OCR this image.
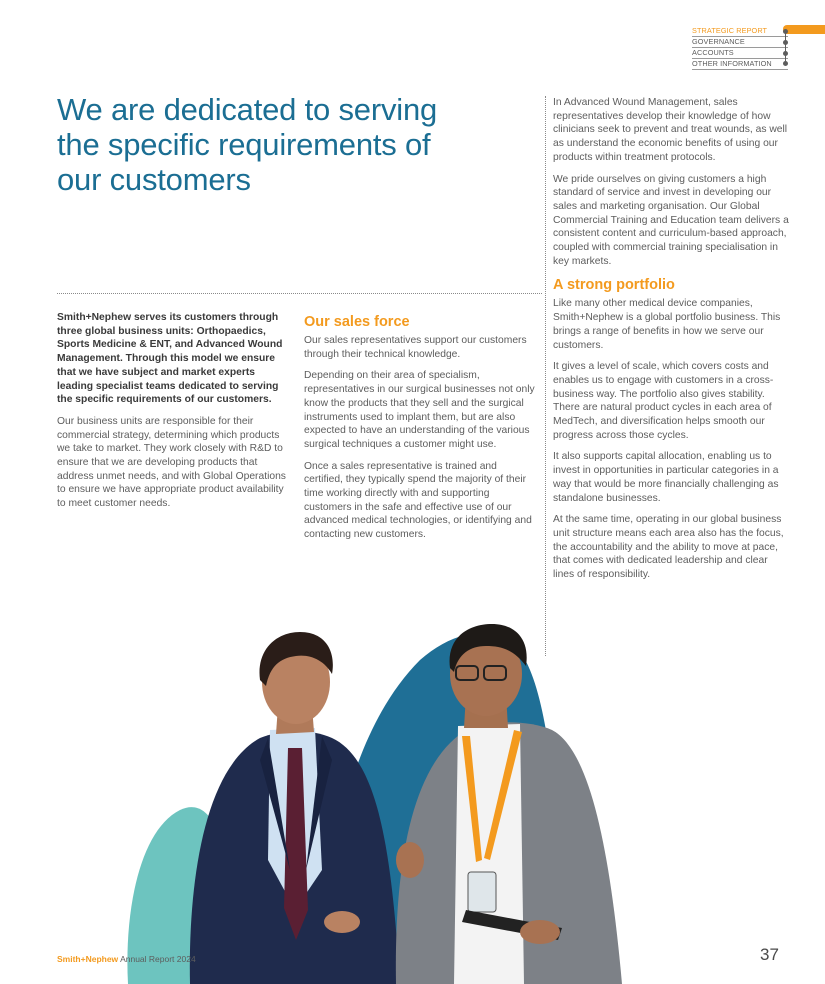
STRATEGIC REPORT
GOVERNANCE
ACCOUNTS
OTHER INFORMATION
We are dedicated to serving the specific requirements of our customers

Smith+Nephew serves its customers through three global business units: Orthopaedics, Sports Medicine & ENT, and Advanced Wound Management. Through this model we ensure that we have subject and market experts leading specialist teams dedicated to serving the specific requirements of our customers.

Our business units are responsible for their commercial strategy, determining which products we take to market. They work closely with R&D to ensure that we are developing products that address unmet needs, and with Global Operations to ensure we have appropriate product availability to meet customer needs.

Our sales force

Our sales representatives support our customers through their technical knowledge.

Depending on their area of specialism, representatives in our surgical businesses not only know the products that they sell and the surgical instruments used to implant them, but are also expected to have an understanding of the various surgical techniques a customer might use.

Once a sales representative is trained and certified, they typically spend the majority of their time working directly with and supporting customers in the safe and effective use of our advanced medical technologies, or identifying and contacting new customers.

In Advanced Wound Management, sales representatives develop their knowledge of how clinicians seek to prevent and treat wounds, as well as understand the economic benefits of using our products within treatment protocols.

We pride ourselves on giving customers a high standard of service and invest in developing our sales and marketing organisation. Our Global Commercial Training and Education team delivers a consistent content and curriculum-based approach, coupled with commercial training specialisation in key markets.

A strong portfolio

Like many other medical device companies, Smith+Nephew is a global portfolio business. This brings a range of benefits in how we serve our customers.

It gives a level of scale, which covers costs and enables us to engage with customers in a cross-business way. The portfolio also gives stability. There are natural product cycles in each area of MedTech, and diversification helps smooth our progress across those cycles.

It also supports capital allocation, enabling us to invest in opportunities in particular categories in a way that would be more financially challenging as standalone businesses.

At the same time, operating in our global business unit structure means each area also has the focus, the accountability and the ability to move at pace, that comes with dedicated leadership and clear lines of responsibility.

Smith+Nephew Annual Report 2024	37
